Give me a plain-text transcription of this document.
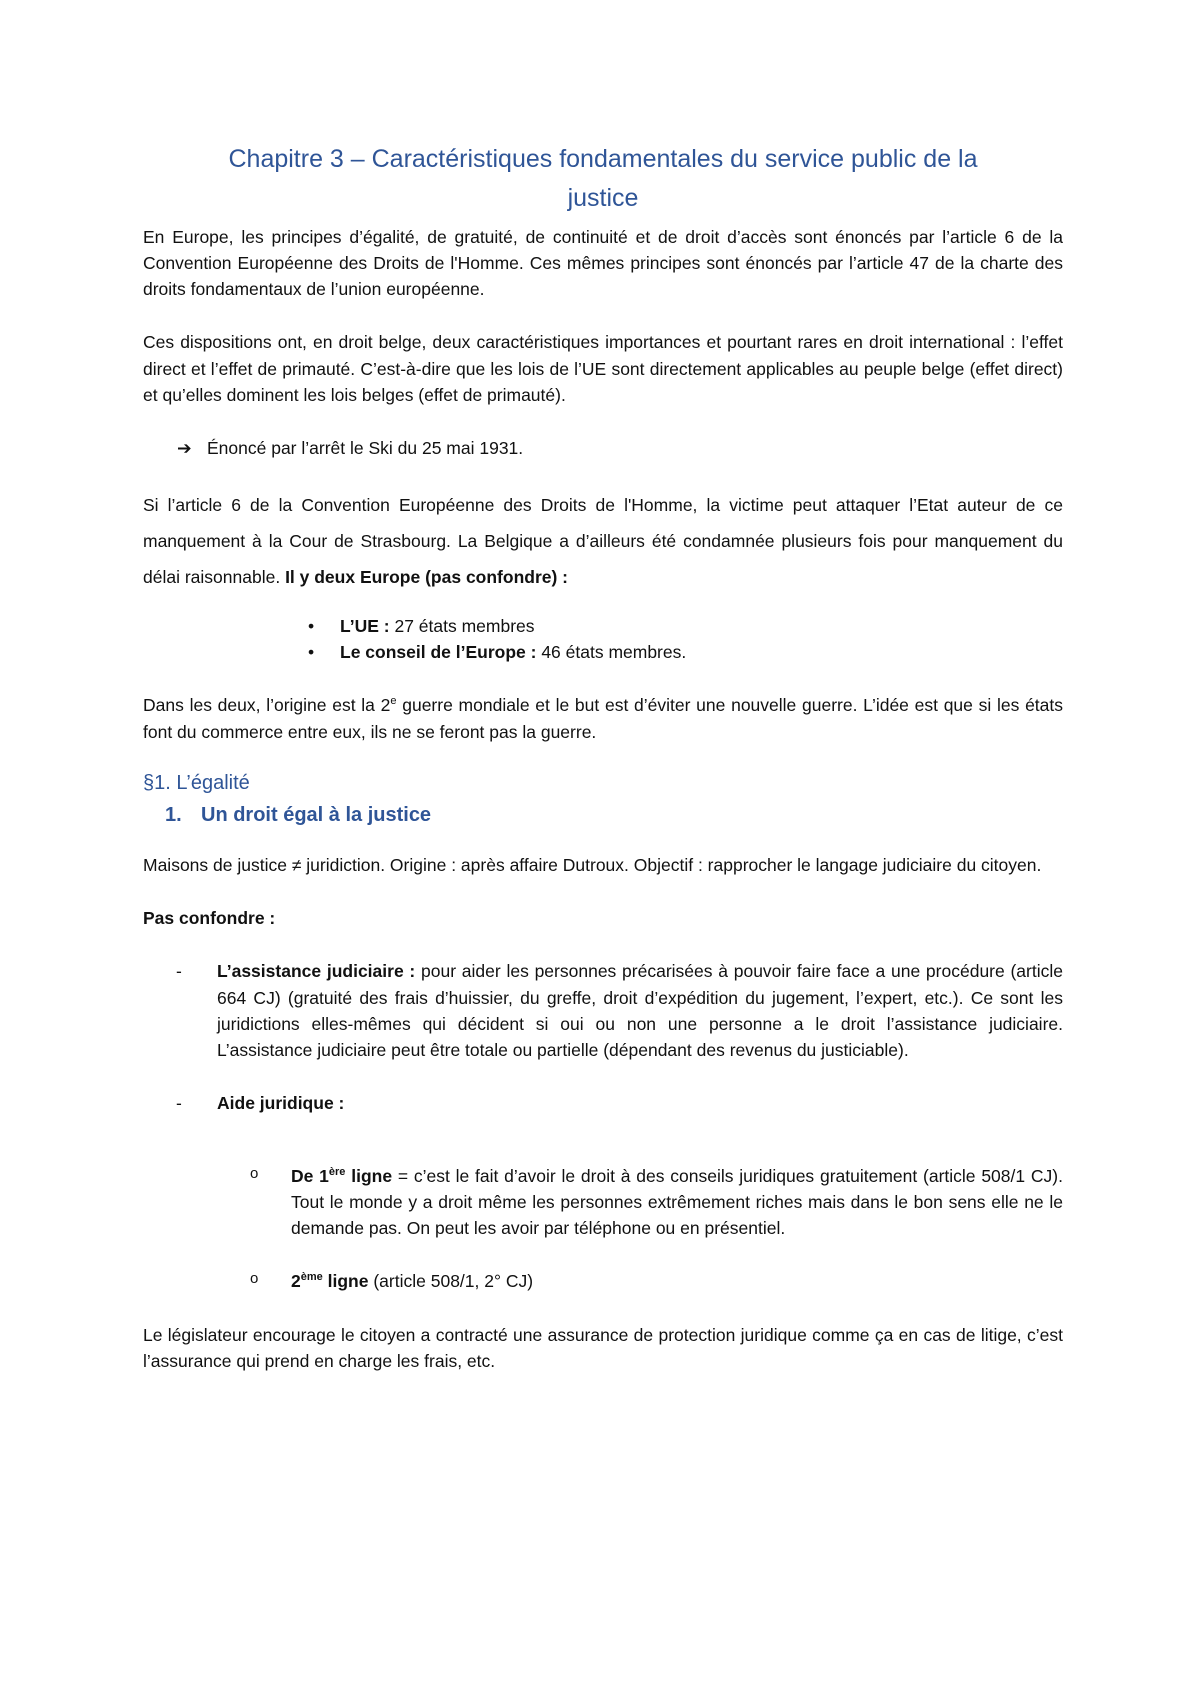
Chapitre 3 – Caractéristiques fondamentales du service public de la justice

En Europe, les principes d’égalité, de gratuité, de continuité et de droit d’accès sont énoncés par l’article 6 de la Convention Européenne des Droits de l'Homme. Ces mêmes principes sont énoncés par l’article 47 de la charte des droits fondamentaux de l’union européenne.

Ces dispositions ont, en droit belge, deux caractéristiques importances et pourtant rares en droit international : l’effet direct et l’effet de primauté. C’est-à-dire que les lois de l’UE sont directement applicables au peuple belge (effet direct) et qu’elles dominent les lois belges (effet de primauté).

➔ Énoncé par l’arrêt le Ski du 25 mai 1931.

Si l’article 6 de la Convention Européenne des Droits de l'Homme, la victime peut attaquer l’Etat auteur de ce manquement à la Cour de Strasbourg. La Belgique a d’ailleurs été condamnée plusieurs fois pour manquement du délai raisonnable. Il y deux Europe (pas confondre) :

• L’UE : 27 états membres
• Le conseil de l’Europe : 46 états membres.

Dans les deux, l’origine est la 2e guerre mondiale et le but est d’éviter une nouvelle guerre. L’idée est que si les états font du commerce entre eux, ils ne se feront pas la guerre.

§1. L’égalité
1. Un droit égal à la justice

Maisons de justice ≠ juridiction. Origine : après affaire Dutroux. Objectif : rapprocher le langage judiciaire du citoyen.

Pas confondre :

- L’assistance judiciaire : pour aider les personnes précarisées à pouvoir faire face a une procédure (article 664 CJ) (gratuité des frais d’huissier, du greffe, droit d’expédition du jugement, l’expert, etc.). Ce sont les juridictions elles-mêmes qui décident si oui ou non une personne a le droit l’assistance judiciaire. L’assistance judiciaire peut être totale ou partielle (dépendant des revenus du justiciable).
- Aide juridique :
o De 1ère ligne = c’est le fait d’avoir le droit à des conseils juridiques gratuitement (article 508/1 CJ). Tout le monde y a droit même les personnes extrêmement riches mais dans le bon sens elle ne le demande pas. On peut les avoir par téléphone ou en présentiel.
o 2ème ligne (article 508/1, 2° CJ)

Le législateur encourage le citoyen a contracté une assurance de protection juridique comme ça en cas de litige, c’est l’assurance qui prend en charge les frais, etc.
